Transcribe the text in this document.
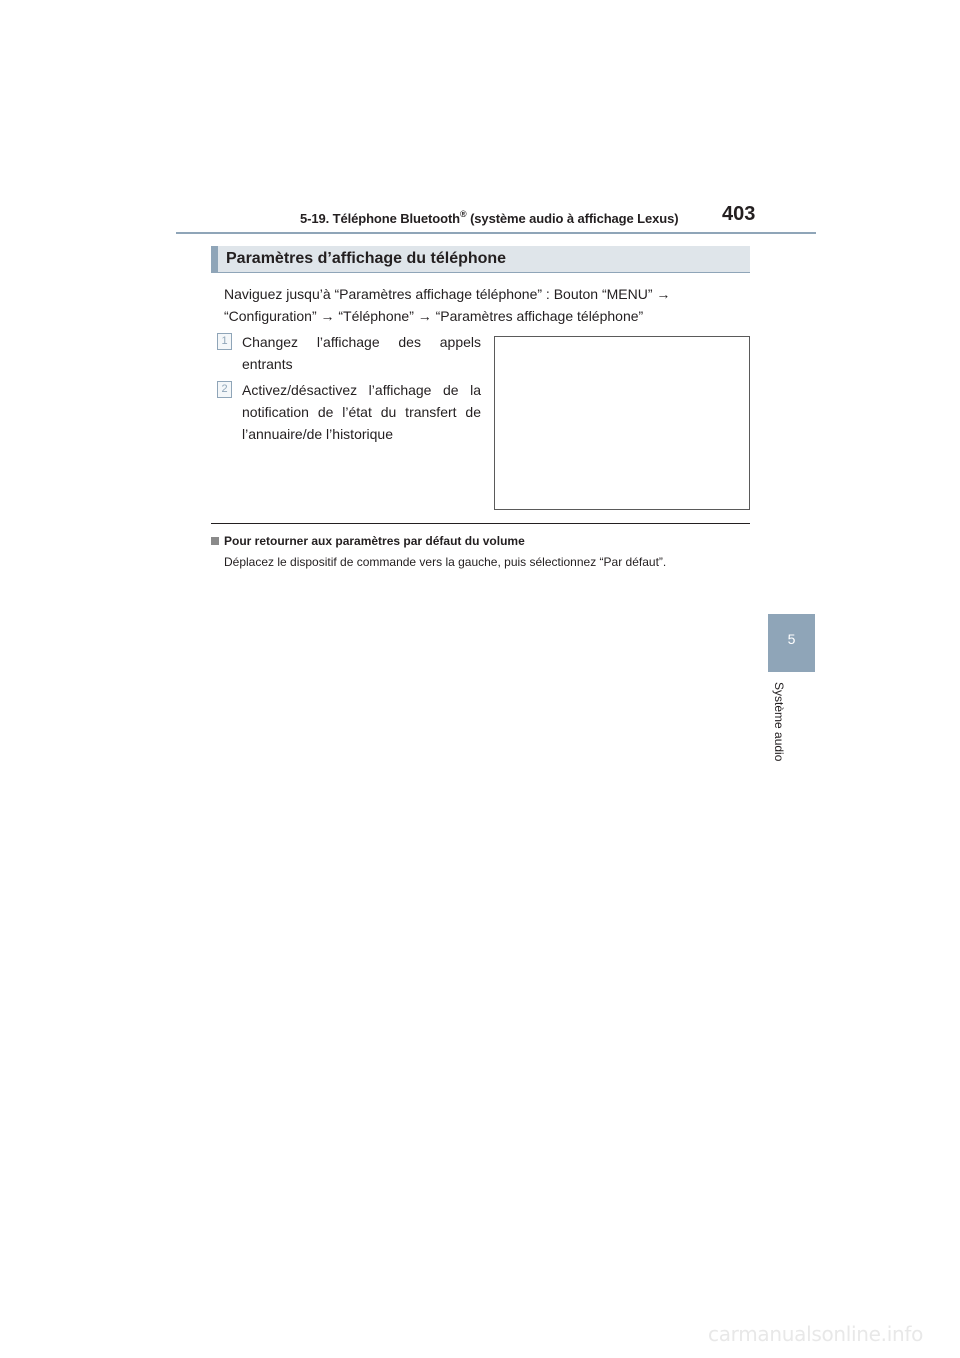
5-19. Téléphone Bluetooth® (système audio à affichage Lexus) 403
5
Système audio
Paramètres d’affichage du téléphone
Naviguez jusqu’à “Paramètres affichage téléphone” : Bouton “MENU” →
“Configuration” → “Téléphone” → “Paramètres affichage téléphone”
1	Changez l’affichage des appels entrants
2	Activez/désactivez l’affichage de la notification de l’état du transfert de l’annuaire/de l’historique
Pour retourner aux paramètres par défaut du volume
Déplacez le dispositif de commande vers la gauche, puis sélectionnez “Par défaut”.
carmanualsonline.info
